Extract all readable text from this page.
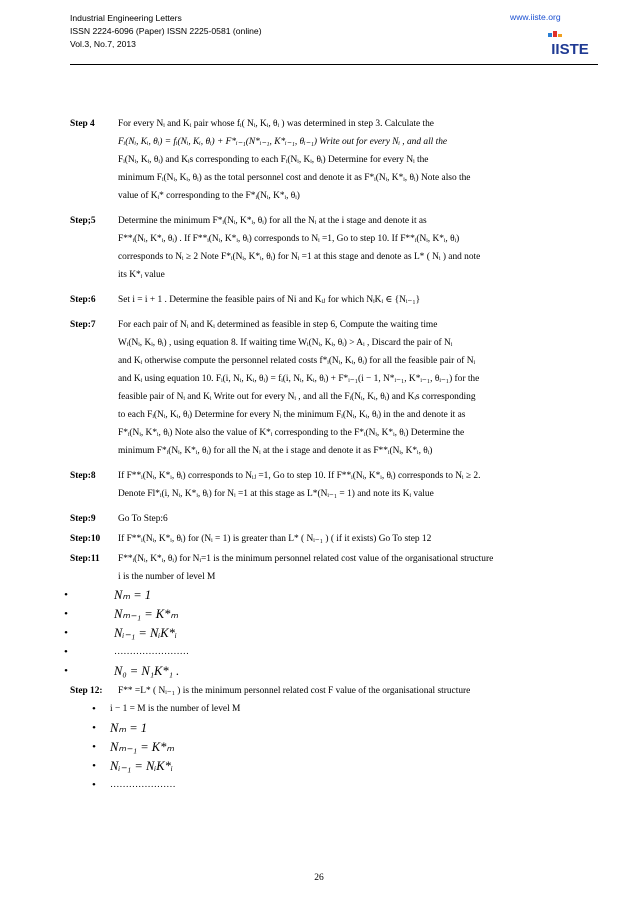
Industrial Engineering Letters
ISSN 2224-6096 (Paper) ISSN 2225-0581 (online)
Vol.3, No.7, 2013
www.iiste.org
IISTE
Step 4	For every Nᵢ and Kᵢ pair whose fᵢ( Nᵢ, Kᵢ, θᵢ ) was determined in step 3. Calculate the
Fᵢ(Nᵢ, Kᵢ, θᵢ) = fᵢ(Nᵢ, Kᵢ, θᵢ) + F*ᵢ₋₁(N*ᵢ₋₁, K*ᵢ₋₁, θᵢ₋₁) Write out for every Nᵢ , and all the
Fᵢ(Nᵢ, Kᵢ, θᵢ) and Kᵢs corresponding to each Fᵢ(Nᵢ, Kᵢ, θᵢ) Determine for every Nᵢ the
minimum Fᵢ(Nᵢ, Kᵢ, θᵢ) as the total personnel cost and denote it as F*ᵢ(Nᵢ, K*ᵢ, θᵢ) Note also the
value of Kᵢ* corresponding to the F*ᵢ(Nᵢ, K*ᵢ, θᵢ)
Step;5	Determine the minimum F*ᵢ(Nᵢ, K*ᵢ, θᵢ) for all the Nᵢ at the i stage and denote it as
F**ᵢ(Nᵢ, K*ᵢ, θᵢ) . If F**ᵢ(Nᵢ, K*ᵢ, θᵢ) corresponds to Nᵢ =1, Go to step 10. If F**ᵢ(Nᵢ, K*ᵢ, θᵢ)
corresponds to Nᵢ ≥ 2 Note F*ᵢ(Nᵢ, K*ᵢ, θᵢ) for Nᵢ =1 at this stage and denote as L* ( Nᵢ ) and note
its K*ᵢ value
Step:6	Set i = i + 1 . Determine the feasible pairs of Ni and Kᵢⱼ for which NᵢKᵢ ∈ {Nᵢ₋₁}
Step:7	For each pair of Nᵢ and Kᵢ determined as feasible in step 6, Compute the waiting time
Wᵢ(Nᵢ, Kᵢ, θᵢ) , using equation 8. If waiting time Wᵢ(Nᵢ, Kᵢ, θᵢ) > Aᵢ , Discard the pair of Nᵢ
and Kᵢ otherwise compute the personnel related costs f*ᵢ(Nᵢ, Kᵢ, θᵢ) for all the feasible pair of Nᵢ
and Kᵢ using equation 10. Fᵢ(i, Nᵢ, Kᵢ, θᵢ) = fᵢ(i, Nᵢ, Kᵢ, θᵢ) + F*ᵢ₋₁(i − 1, N*ᵢ₋₁, K*ᵢ₋₁, θᵢ₋₁) for the
feasible pair of Nᵢ and Kᵢ Write out for every Nᵢ , and all the Fᵢ(Nᵢ, Kᵢ, θᵢ) and Kᵢs corresponding
to each Fᵢ(Nᵢ, Kᵢ, θᵢ) Determine for every Nᵢ the minimum Fᵢ(Nᵢ, Kᵢ, θᵢ) in the and denote it as
F*ᵢ(Nᵢ, K*ᵢ, θᵢ) Note also the value of K*ᵢ corresponding to the F*ᵢ(Nᵢ, K*ᵢ, θᵢ) Determine the
minimum F*ᵢ(Nᵢ, K*ᵢ, θᵢ) for all the Nᵢ at the i stage and denote it as F**ᵢ(Nᵢ, K*ᵢ, θᵢ)
Step:8	If F**ᵢ(Nᵢ, K*ᵢ, θᵢ) corresponds to Nᵢⱼ =1, Go to step 10. If F**ᵢ(Nᵢ, K*ᵢ, θᵢ) corresponds to Nᵢ ≥ 2.
Denote Fl*ᵢ(i, Nᵢ, K*ᵢ, θᵢ) for Nᵢ =1 at this stage as L*(Nᵢ₋₁ = 1) and note its Kᵢ value
Step:9	Go To Step:6
Step:10	If F**ᵢ(Nᵢ, K*ᵢ, θᵢ) for (Nᵢ = 1) is greater than L* ( Nᵢ₋₁ ) ( if it exists) Go To step 12
Step:11	F**ᵢ(Nᵢ, K*ᵢ, θᵢ) for Nᵢ=1 is the minimum personnel related cost value of the organisational structure
i is the number of level M
• Nₘ = 1
• Nₘ₋₁ = K*ₘ
• Nᵢ₋₁ = NᵢK*ᵢ
• ……………………
• N₀ = N₁K*₁ .
Step 12:	F** =L* ( Nᵢ₋₁ ) is the minimum personnel related cost F value of the organisational structure
• i − 1 = M is the number of level M
• Nₘ = 1
• Nₘ₋₁ = K*ₘ
• Nᵢ₋₁ = NᵢK*ᵢ
• …………………
26
